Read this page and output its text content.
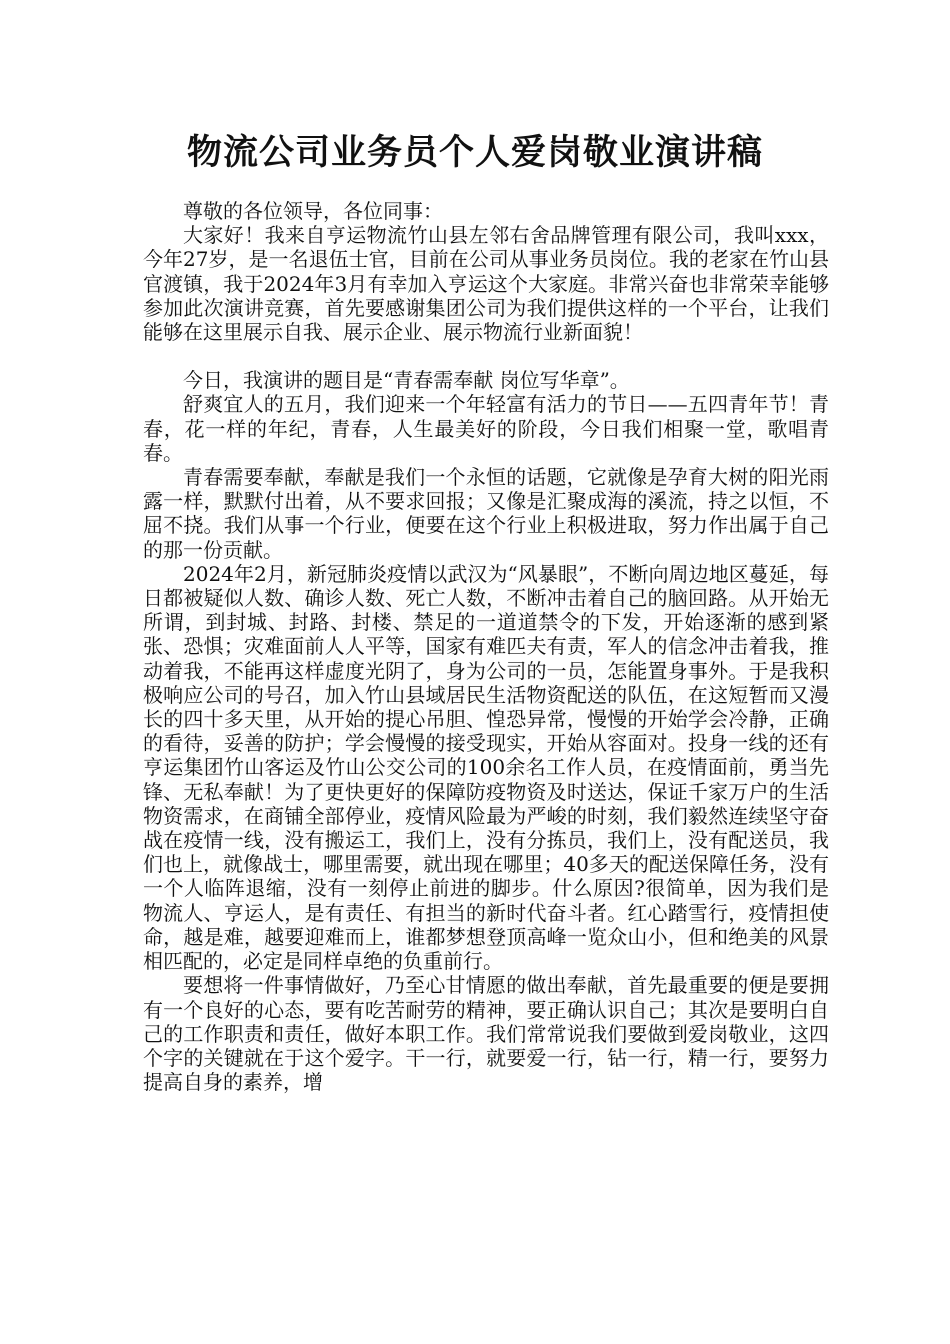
物流公司业务员个人爱岗敬业演讲稿

尊敬的各位领导，各位同事：

大家好！我来自亨运物流竹山县左邻右舍品牌管理有限公司，我叫xxx，今年27岁，是一名退伍士官，目前在公司从事业务员岗位。我的老家在竹山县官渡镇，我于2024年3月有幸加入亨运这个大家庭。非常兴奋也非常荣幸能够参加此次演讲竞赛，首先要感谢集团公司为我们提供这样的一个平台，让我们能够在这里展示自我、展示企业、展示物流行业新面貌！

今日，我演讲的题目是“青春需奉献 岗位写华章”。

舒爽宜人的五月，我们迎来一个年轻富有活力的节日——五四青年节！青春，花一样的年纪，青春，人生最美好的阶段，今日我们相聚一堂，歌唱青春。

青春需要奉献，奉献是我们一个永恒的话题，它就像是孕育大树的阳光雨露一样，默默付出着，从不要求回报；又像是汇聚成海的溪流，持之以恒，不屈不挠。我们从事一个行业，便要在这个行业上积极进取，努力作出属于自己的那一份贡献。

2024年2月，新冠肺炎疫情以武汉为“风暴眼”，不断向周边地区蔓延，每日都被疑似人数、确诊人数、死亡人数，不断冲击着自己的脑回路。从开始无所谓，到封城、封路、封楼、禁足的一道道禁令的下发，开始逐渐的感到紧张、恐惧；灾难面前人人平等，国家有难匹夫有责，军人的信念冲击着我，推动着我，不能再这样虚度光阴了，身为公司的一员，怎能置身事外。于是我积极响应公司的号召，加入竹山县域居民生活物资配送的队伍，在这短暂而又漫长的四十多天里，从开始的提心吊胆、惶恐异常，慢慢的开始学会冷静，正确的看待，妥善的防护；学会慢慢的接受现实，开始从容面对。投身一线的还有亨运集团竹山客运及竹山公交公司的100余名工作人员，在疫情面前，勇当先锋、无私奉献！为了更快更好的保障防疫物资及时送达，保证千家万户的生活物资需求，在商铺全部停业，疫情风险最为严峻的时刻，我们毅然连续坚守奋战在疫情一线，没有搬运工，我们上，没有分拣员，我们上，没有配送员，我们也上，就像战士，哪里需要，就出现在哪里；40多天的配送保障任务，没有一个人临阵退缩，没有一刻停止前进的脚步。什么原因?很简单，因为我们是物流人、亨运人，是有责任、有担当的新时代奋斗者。红心踏雪行，疫情担使命，越是难，越要迎难而上，谁都梦想登顶高峰一览众山小，但和绝美的风景相匹配的，必定是同样卓绝的负重前行。

要想将一件事情做好，乃至心甘情愿的做出奉献，首先最重要的便是要拥有一个良好的心态，要有吃苦耐劳的精神，要正确认识自己；其次是要明白自己的工作职责和责任，做好本职工作。我们常常说我们要做到爱岗敬业，这四个字的关键就在于这个爱字。干一行，就要爱一行，钻一行，精一行，要努力提高自身的素养，增
